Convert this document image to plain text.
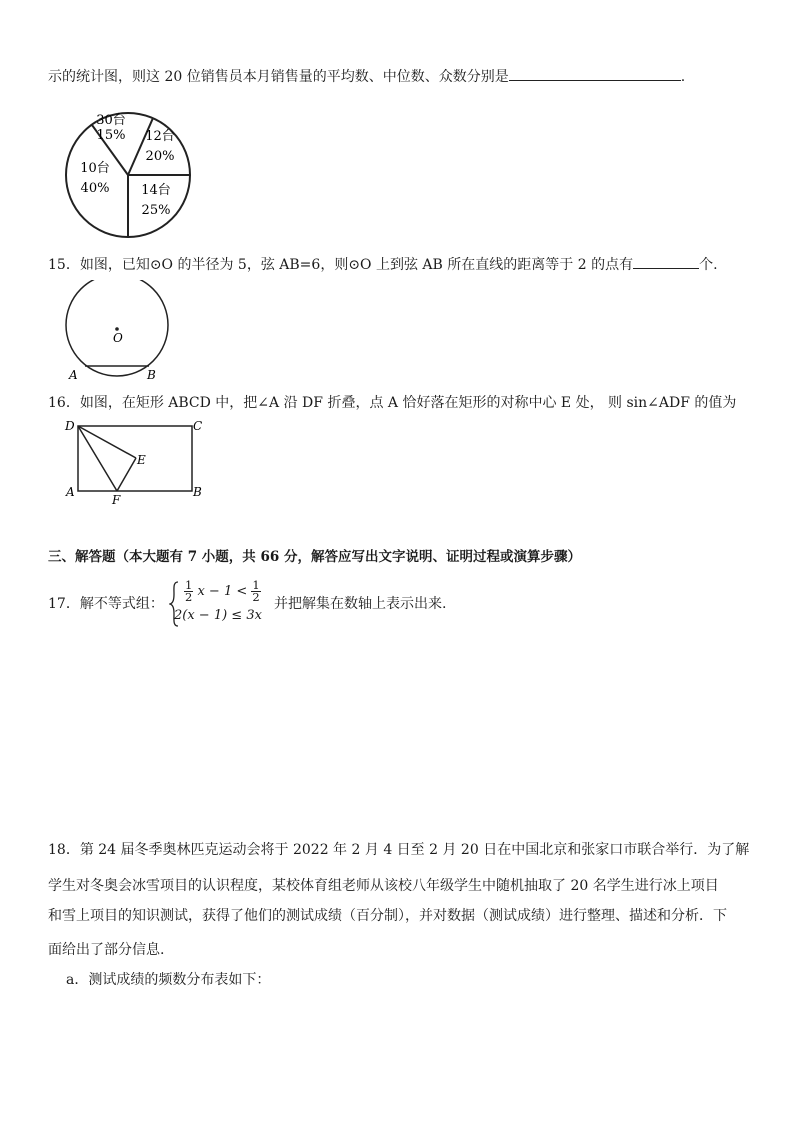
示的统计图，则这 20 位销售员本月销售量的平均数、中位数、众数分别是	.
30台
15% 12台
20%
10台
40% 14台
25%
15．如图，已知⊙O 的半径为 5，弦 AB=6，则⊙O 上到弦 AB 所在直线的距离等于 2 的点有	个.
O
A	B
16．如图，在矩形 ABCD 中，把∠A 沿 DF 折叠，点 A 恰好落在矩形的对称中心 E 处， 则 sin∠ADF 的值为
D	C
E
A
F
B
三、解答题（本大题有 7 小题，共 66 分，解答应写出文字说明、证明过程或演算步骤）
17．解不等式组：
$\frac{1}{2}$ $x - 1 < \frac{1}{2}$
2(x − 1) ≤ 3x
并把解集在数轴上表示出来.
18．第 24 届冬季奥林匹克运动会将于 2022 年 2 月 4 日至 2 月 20 日在中国北京和张家口市联合举行．为了解
学生对冬奥会冰雪项目的认识程度，某校体育组老师从该校八年级学生中随机抽取了 20 名学生进行冰上项目
和雪上项目的知识测试，获得了他们的测试成绩（百分制），并对数据（测试成绩）进行整理、描述和分析．下
面给出了部分信息.
a．测试成绩的频数分布表如下：
